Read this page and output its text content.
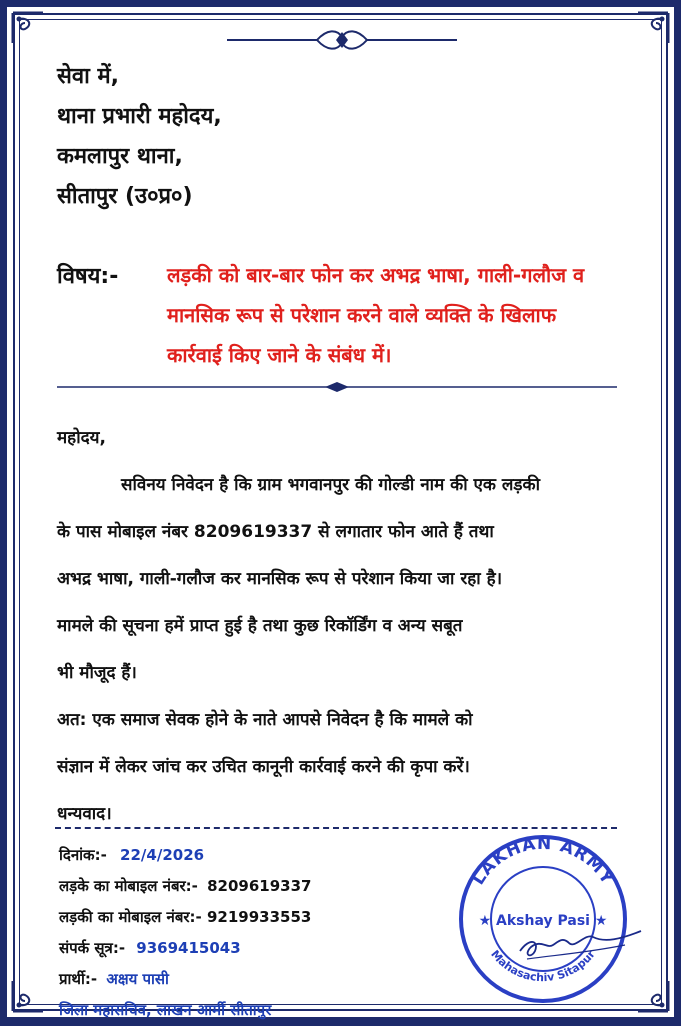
सेवा में,
थाना प्रभारी महोदय,
कमलापुर थाना,
सीतापुर (उ०प्र०)
विषय:- लड़की को बार-बार फोन कर अभद्र भाषा, गाली-गलौज व
मानसिक रूप से परेशान करने वाले व्यक्ति के खिलाफ
कार्रवाई किए जाने के संबंध में।
महोदय,
सविनय निवेदन है कि ग्राम भगवानपुर की गोल्डी नाम की एक लड़की
के पास मोबाइल नंबर 8209619337 से लगातार फोन आते हैं तथा
अभद्र भाषा, गाली-गलौज कर मानसिक रूप से परेशान किया जा रहा है।
मामले की सूचना हमें प्राप्त हुई है तथा कुछ रिकॉर्डिंग व अन्य सबूत
भी मौजूद हैं।
अत: एक समाज सेवक होने के नाते आपसे निवेदन है कि मामले को
संज्ञान में लेकर जांच कर उचित कानूनी कार्रवाई करने की कृपा करें।
धन्यवाद।
दिनांक:- 22/4/2026
लड़के का मोबाइल नंबर:- 8209619337
लड़की का मोबाइल नंबर:- 9219933553
संपर्क सूत्र:- 9369415043
प्रार्थी:- अक्षय पासी
जिला महासचिव, लाखन आर्मी सीतापुर
LAKHAN ARMY
★ Akshay Pasi ★
Mahasachiv Sitapur
